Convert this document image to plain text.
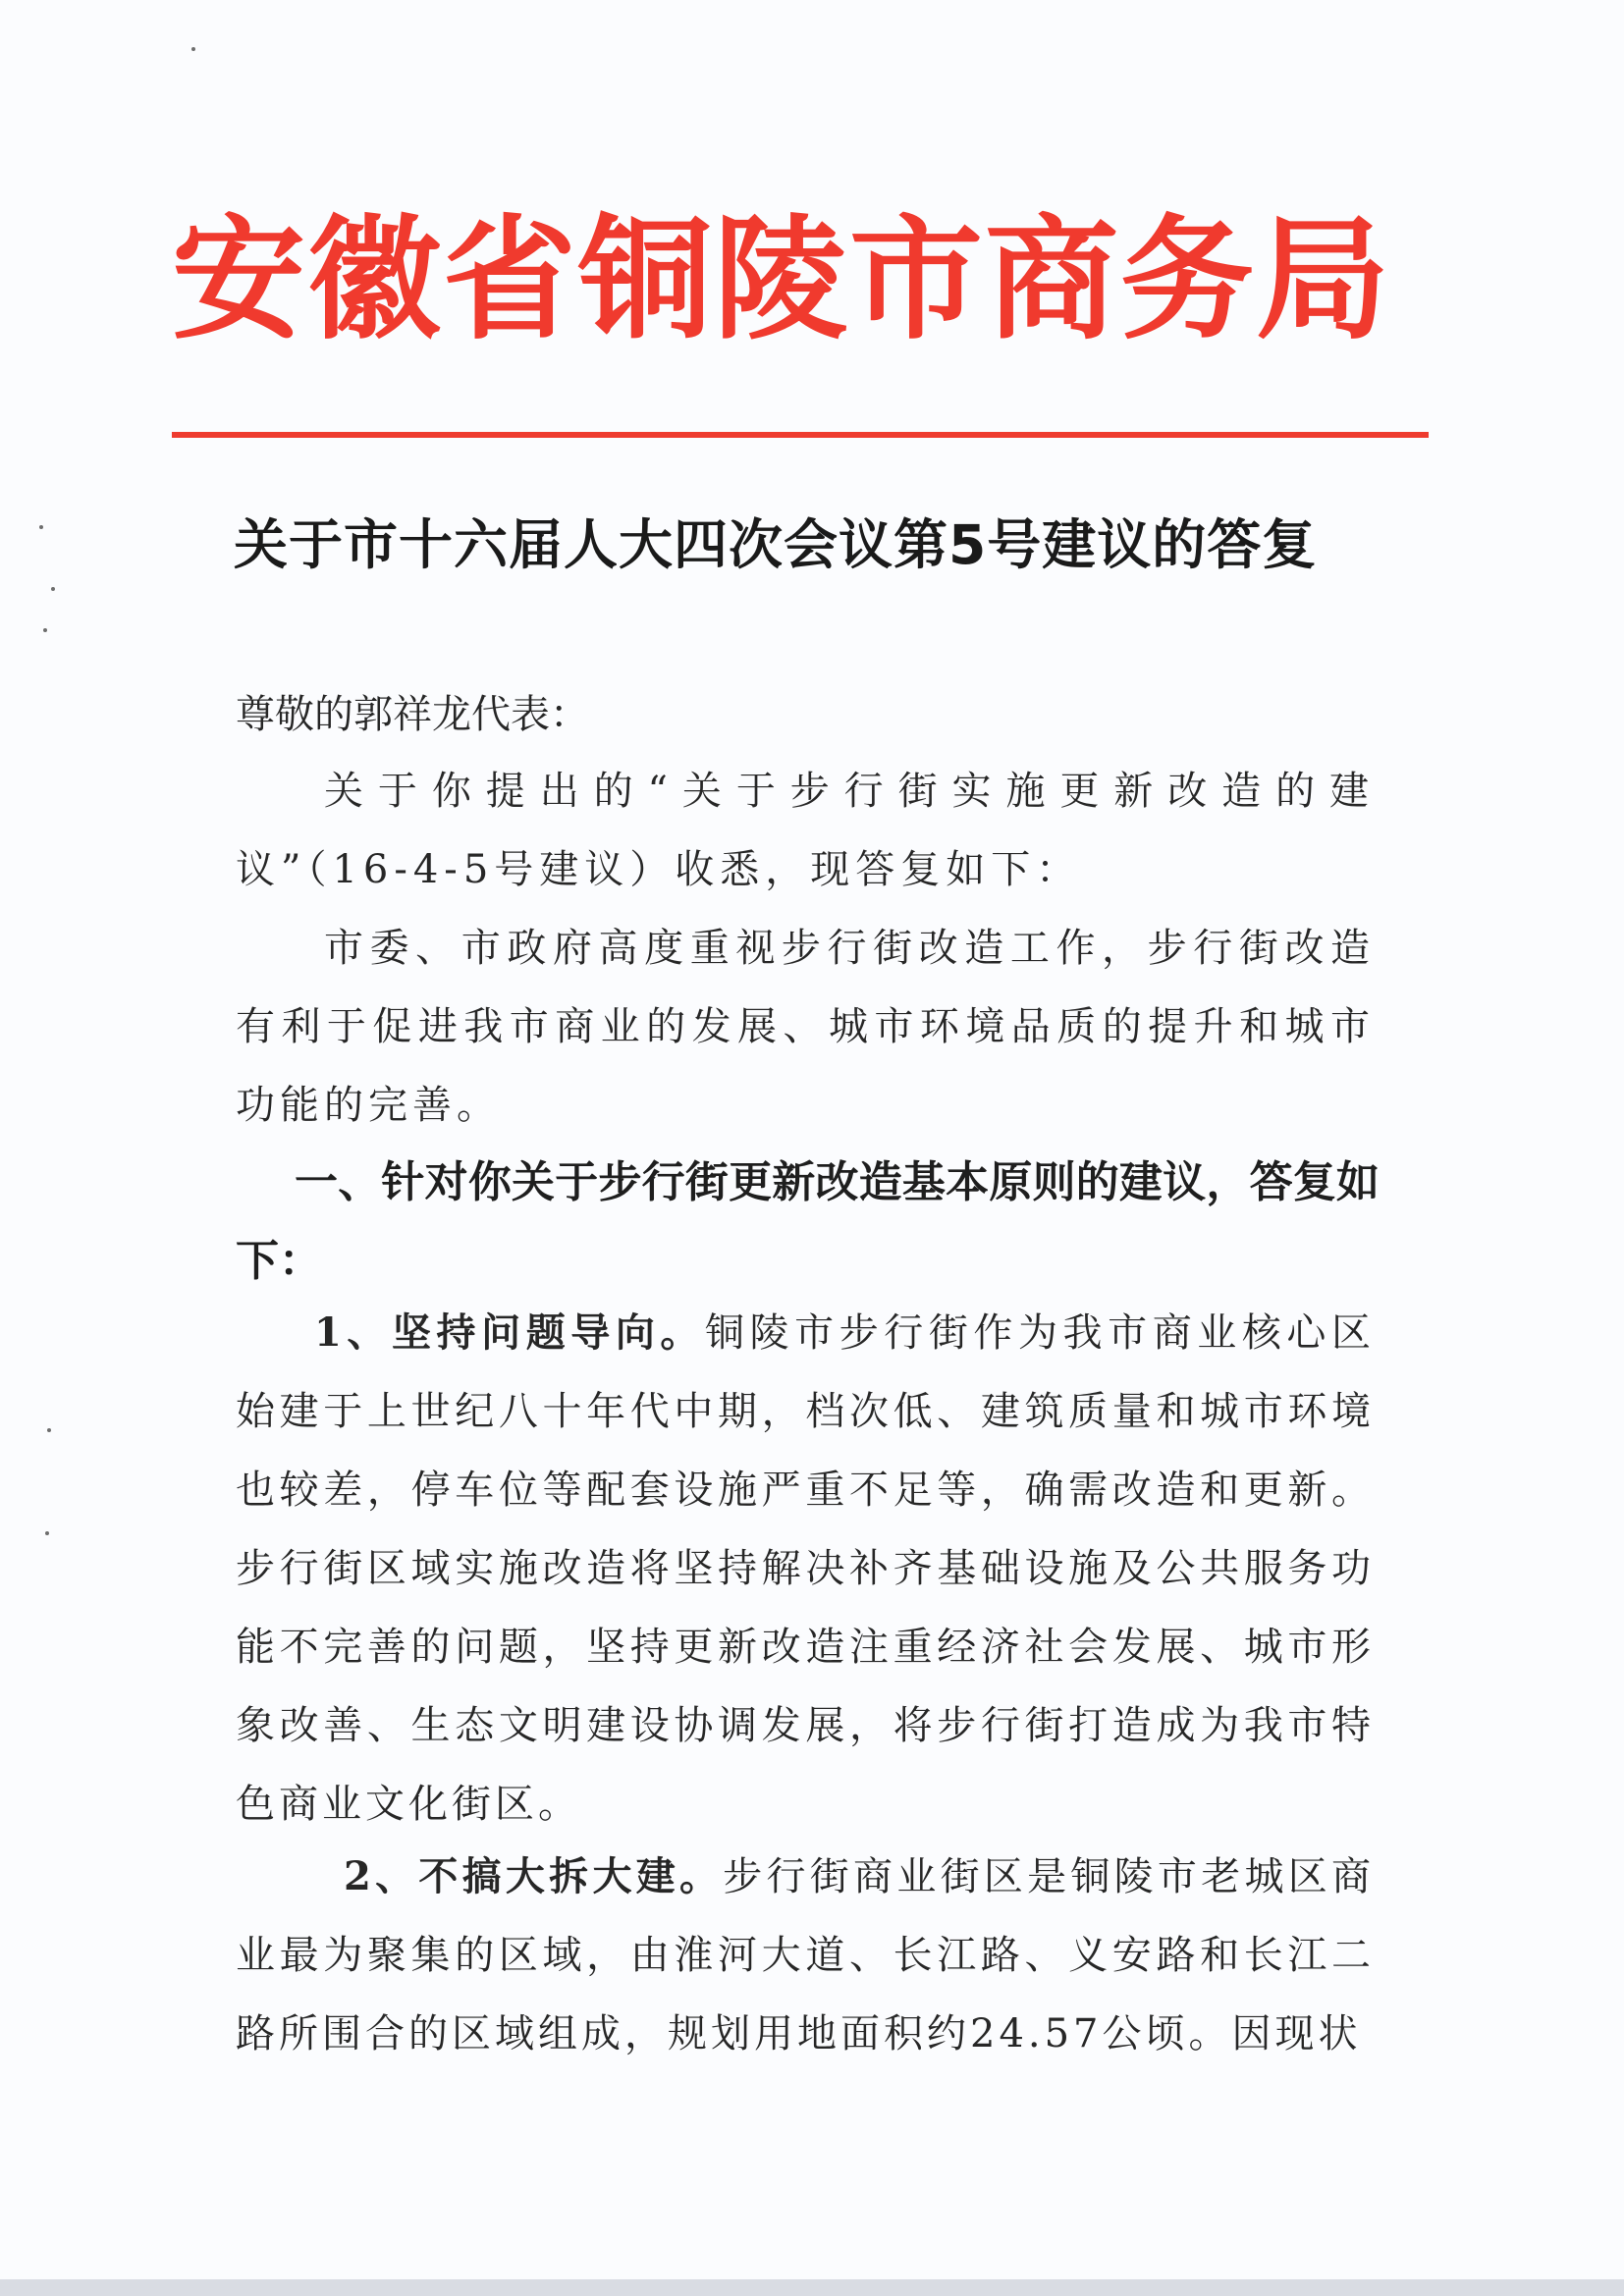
安徽省铜陵市商务局
关于市十六届人大四次会议第5号建议的答复
尊敬的郭祥龙代表：
关于你提出的“关于步行街实施更新改造的建议”（16-4-5号建议）收悉，现答复如下：
市委、市政府高度重视步行街改造工作，步行街改造有利于促进我市商业的发展、城市环境品质的提升和城市功能的完善。
一、针对你关于步行街更新改造基本原则的建议，答复如下：
1、坚持问题导向。铜陵市步行街作为我市商业核心区始建于上世纪八十年代中期，档次低、建筑质量和城市环境也较差，停车位等配套设施严重不足等，确需改造和更新。步行街区域实施改造将坚持解决补齐基础设施及公共服务功能不完善的问题，坚持更新改造注重经济社会发展、城市形象改善、生态文明建设协调发展，将步行街打造成为我市特色商业文化街区。
2、不搞大拆大建。步行街商业街区是铜陵市老城区商业最为聚集的区域，由淮河大道、长江路、义安路和长江二路所围合的区域组成，规划用地面积约24.57公顷。因现状
